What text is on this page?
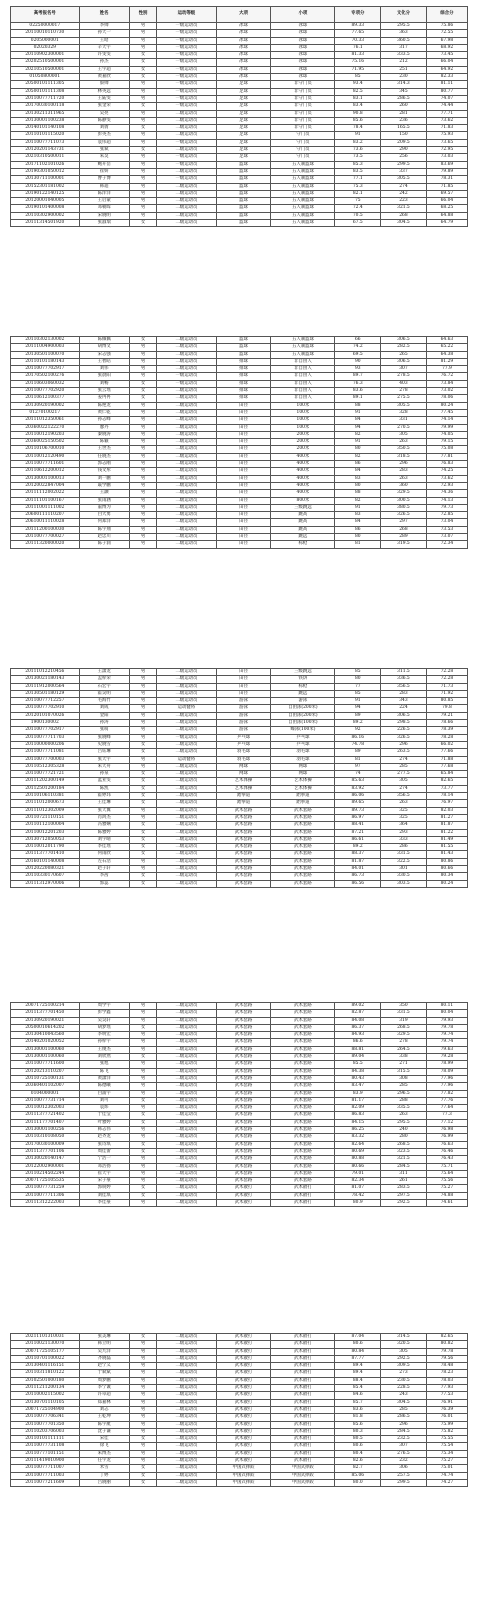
高考报名号	姓名	性别	运动等级	大项	小项	专项分	文化分	综合分
02250000017	李帅	男	一级运动员	冰球	冰球	89.33	295.5	75.86
20110010110730	孙天一	男	一级运动员	冰球	冰球	77.65	363	72.55
0205000001	王昭	男	一级运动员	冰球	冰球	70.33	360.5	67.98
02020329	辛天宇	男	一级运动员	冰球	冰球	76.1	317	68.92
20110902300001	许雯雯	女	一级运动员	冰球	冰球	81.33	333.5	73.45
20202510500001	孙杰	女	一级运动员	冰球	冰球	75.16	212	66.04
20210510500001	王宇超	女	一级运动员	冰球	冰球	71.95	251	64.92
01050800001	黄嘉欣	女	一级运动员	冰球	冰球	85	230	82.33
20500101111305	蔡帅	男	一级运动员	足球	非守门员	93.4	314.3	81.11
20500101111308	林英远	男	一级运动员	足球	非守门员	82.5	345	80.77
20110077711720	王陆雯	男	一级运动员	足球	非守门员	83.1	286.5	74.07
20170030100118	张金荣	女	一级运动员	足球	非守门员	83.4	260	74.44
20130211311965	吴亮	男	二级运动员	足球	非守门员	90.8	281	77.71
20130001100238	陈静雯	男	二级运动员	足球	非守门员	85.6	236	73.62
20140101140108	刘倩	女	二级运动员	足球	非守门员	78.4	165.5	71.83
20110101115020	彭英杰	男	二级运动员	足球	守门员	91	150	75.93
20110077711073	袁伟超	男	一级运动员	足球	守门员	83.2	209.5	73.65
20120201143731	张斌	女	二级运动员	足球	守门员	73.6	290	72.95
20210310500011	朱昊	男	一级运动员	足球	守门员	73.5	256	73.03
20171102101026	鲍开岳	男	一级运动员	篮球	五人制篮球	85.3	299.5	83.69
20190301050012	崔妍	男	二级运动员	篮球	五人制篮球	83.5	337	79.89
20130711100001	曹子博	男	一级运动员	篮球	五人制篮球	77.1	305.5	78.31
20152301181002	韩超	男	二级运动员	篮球	五人制篮球	75.3	274	71.85
20190122140125	陈洋洋	男	二级运动员	篮球	五人制篮球	82.1	242	69.57
20120001040005	王启蒙	男	二级运动员	篮球	五人制篮球	75	223	66.04
20190101400008	邓朝晖	男	二级运动员	篮球	五人制篮球	72.4	321.5	68.25
20110302900002	宋晓明	男	二级运动员	篮球	五人制篮球	70.5	268	64.88
20111314501920	张淑瑞	女	二级运动员	篮球	五人制篮球	67.5	304.5	64.79
20110302130002	陈佩佩	女	二级运动员	篮球	五人制篮球	66	306.5	64.63
20111004900003	胡博文	男	二级运动员	篮球	五人制篮球	74.2	282.5	65.22
20130501100070	宋志强	男	二级运动员	篮球	五人制篮球	69.5	265	64.38
20110101180143	王智皓	男	二级运动员	排球	非自由人	90	306.5	81.29
20110077702917	刘伟	男	二级运动员	排球	非自由人	93	307	77.9
20170502100276	张晨阳	男	一级运动员	排球	非自由人	89.7	278.5	76.72
20110603060032	刘畅	女	一级运动员	排球	非自由人	76.3	403	73.84
20110077702920	张云瑶	女	二级运动员	排球	非自由人	83.6	278	73.02
20110612100377	姜冉冉	女	二级运动员	排球	非自由人	89.1	275.5	78.06
20130920190002	陈艳龙	男	二级运动员	田径	100米	88	305.5	80.24
01270100217	黄仁乾	男	二级运动员	田径	100米	91	328	77.45
20111012350061	孙志峰	男	二级运动员	田径	100米	84	331	74.14
20360022122270	廖丹	男	二级运动员	田径	100米	94	270.5	79.99
20110012190203	秦晓涛	男	二级运动员	田径	200米	82	305	74.05
20360025150502	陈颖	男	二级运动员	田径	200米	91	263	79.15
20110106700010	王世杰	男	二级运动员	田径	200米	80	350.5	75.08
20110012120490	任晓杰	男	二级运动员	田径	400米	82	318.5	77.81
20110077711601	郭志刚	男	二级运动员	田径	400米	86	296	76.83
20110612200012	钱文彤	男	二级运动员	田径	400米	84	283	74.25
20130001100013	刘一鹏	男	二级运动员	田径	400米	83	263	73.62
20120022847004	戚学鹏	男	二级运动员	田径	400米	80	360	72.93
20111112002022	王灏	男	二级运动员	田径	400米	88	329.5	74.36
20111101100167	张雨涵	男	二级运动员	田径	800米	82	300.5	74.13
20111001111002	董博为	男	二级运动员	田径	三级跳远	91	380.5	79.73
20600111110207	白大勇	男	二级运动员	田径	跳高	83	326.5	72.85
20610011110028	何郑洋	男	二级运动员	田径	跳高	84	297	73.04
20111200100030	陈宇翔	男	二级运动员	田径	跳高	86	268	73.53
20110077700027	赵忠川	男	二级运动员	田径	跳远	80	289	73.07
20111320000020	陈子润	男	二级运动员	田径	标枪	81	319.5	72.34
20111012210456	王潇龙	男	二级运动员	田径	三级跳远	85	311.5	72.28
20130021180143	孟梓荣	男	二级运动员	田径	铁饼	80	336.5	72.28
20111912000564	石宏宇	男	二级运动员	田径	标枪	77	356.5	71.73
20130501180129	霍吴明	男	二级运动员	田径	跳远	85	283	71.92
20110077712257	毛海竹	男	二级运动员	游泳	游泳	91	343	80.85
20110077702910	刘成	男	运动健将	游泳	自由泳(200米)	94	224	79.8
20120101070026	金阳	男	二级运动员	游泳	自由泳(200米)	89	306.5	79.21
1900130002	孙涛	男	二级运动员	游泳	自由泳(100米)	89.2	298.5	78.66
20110077702917	张萌	男	二级运动员	游泳	蝶泳(100米)	92	226.5	78.39
20110077711703	张晓峰	男	一级运动员	乒乓球	乒乓球	86.16	326.5	78.28
20110000000206	史晓雪	女	二级运动员	乒乓球	乒乓球	74.78	296	66.02
20110077711081	吕钰琳	女	二级运动员	羽毛球	羽毛球	89	263.5	77.66
20110077700003	张天宇	男	运动健将	羽毛球	羽毛球	81	274	71.88
20110512305328	朱天舟	男	二级运动员	网球	网球	97	285	77.68
20110077721721	孙泉	女	二级运动员	网球	网球	74	277.5	65.84
20111202300149	蓝亚雯	女	二级运动员	艺术体操	艺术体操	85.63	305	82.65
20112501200184	陈凯	女	二级运动员	艺术体操	艺术体操	83.92	274	73.77
20110106110381	霍婷玮	女	二级运动员	跆拳道	跆拳道	86.06	356.5	78.14
20111012000673	王佳琳	女	二级运动员	跆拳道	跆拳道	89.65	263	76.97
20111012302009	张天翼	男	二级运动员	武术套路	武术套路	89.73	325	82.03
20110721110151	肖鸿杰	男	二级运动员	武术套路	武术套路	86.97	325	81.27
20110112100004	冯雅娴	女	二级运动员	武术套路	武术套路	88.41	364	81.87
20110012201203	陈雅婷	女	二级运动员	武术套路	武术套路	87.21	293	81.22
20130712050053	刘宇晴	女	二级运动员	武术套路	武术套路	86.61	333	81.49
20110012011790	李佳瑶	女	二级运动员	武术套路	武术套路	89.2	286	81.55
20111377701410	何雨欣	女	二级运动员	武术套路	武术套路	88.37	331.5	81.43
20160101140008	左石浩	男	二级运动员	武术套路	武术套路	81.87	322.5	80.86
20120220080321	赵子轩	男	二级运动员	武术套路	武术套路	84.01	301	80.66
20110330170607	李茜	女	二级运动员	武术套路	武术套路	86.73	330.5	80.34
20111312970006	郭蕊	女	二级运动员	武术套路	武术套路	86.56	303.5	80.24
20071725100214	周学宇	男	二级运动员	武术套路	武术套路	89.02	350	80.11
20111377701450	彭学鑫	男	二级运动员	武术套路	武术套路	82.87	331.5	80.04
20130920190021	吴昊轩	男	二级运动员	武术套路	武术套路	84.08	319	79.93
20500010614202	胡梦瑶	女	二级运动员	武术套路	武术套路	86.37	268.5	79.78
20130410043560	李明宏	男	二级运动员	武术套路	武术套路	84.93	329.5	79.74
20140201020052	孙梓宇	男	二级运动员	武术套路	武术套路	86.6	278	79.74
20130001100060	王俊杰	男	二级运动员	武术套路	武术套路	88.81	264.5	79.63
20130001100060	刘欣然	女	二级运动员	武术套路	武术套路	89.04	338	79.28
20110077711600	张旭	男	二级运动员	武术套路	武术套路	85.5	271	78.99
20120213110207	陈飞	男	二级运动员	武术套路	武术套路	84.38	315.5	78.09
20110725100131	黄潇洋	男	二级运动员	武术套路	武术套路	80.43	308	77.96
20360401102007	陈德曦	男	二级运动员	武术套路	武术套路	83.47	285	77.96
0104000001	白浦宇	男	二级运动员	武术套路	武术套路	83.9	296.5	77.82
20110077731714	刘可	女	二级运动员	武术套路	武术套路	81.17	288	77.76
20110012302003	袁炜	男	二级运动员	武术套路	武术套路	82.09	335.5	77.64
20111377721402	于佳莹	女	二级运动员	武术套路	武术套路	86.83	263	77.3
20111177701407	叶雅婷	女	二级运动员	武术套路	武术套路	84.15	295.5	77.12
20130001100256	韩志伟	男	二级运动员	武术套路	武术套路	86.25	240	76.98
20110310108050	赵齐龙	男	二级运动员	武术套路	武术套路	83.32	280	76.99
20170030100009	张诗琪	女	二级运动员	武术套路	武术套路	82.64	268.5	76.63
20111377701106	周佳蕾	女	二级运动员	武术套路	武术套路	80.69	323.5	76.46
20130020140147	宁浩一	男	二级运动员	武术套路	武术套路	80.88	321.5	76.43
20122002900001	邓浩扬	男	二级运动员	武术套路	武术套路	80.66	284.5	75.71
20110214502244	崔天宇	男	二级运动员	武术套路	武术套路	79.01	311	75.64
20071725105535	宋子豪	男	二级运动员	武术套路	武术套路	82.34	261	75.56
20110077731259	郭锐婷	女	二级运动员	武术散打	武术散打	81.07	283.5	75.27
20110077711306	刘佳琪	女	二级运动员	武术散打	武术散打	78.42	297.5	74.88
20111312222003	李佳豪	男	二级运动员	武术散打	武术散打	80.9	292.5	74.61
20211101310031	张美琳	女	二级运动员	武术散打	武术散打	87.04	314.5	82.65
20110021130070	韩立明	男	二级运动员	武术散打	武术散打	80.6	320.5	80.82
20071725105177	吴九洋	男	二级运动员	武术散打	武术散打	80.84	305	79.78
20110701100022	齐晓磊	男	二级运动员	武术散打	武术散打	87.77	292.5	79.56
20130401116151	赵宁义	男	二级运动员	武术散打	武术散打	89.4	309.5	78.48
20110311810122	于斌斌	男	二级运动员	武术散打	武术散打	89.4	273	78.23
20102501000180	周梦鹏	男	二级运动员	武术散打	武术散打	88.4	230.5	78.03
20111211200134	李宁诚	男	二级运动员	武术散打	武术散打	85.4	228.5	77.93
20110002115002	许卓超	男	二级运动员	武术散打	武术散打	84.6	243	77.53
20130701110105	郑嘉林	男	二级运动员	武术散打	武术散打	85.7	304.5	76.91
20071725104900	刘志	男	二级运动员	武术散打	武术散打	83.6	285	76.39
20110077706341	王乾坤	男	二级运动员	武术散打	武术散打	81.8	286.5	76.01
20110077701350	陈宇航	男	二级运动员	武术散打	武术散打	85.6	296	75.99
20110203706003	沈子谦	男	二级运动员	武术散打	武术散打	80.3	284.5	75.82
20110101111111	宋佳	女	二级运动员	武术散打	武术散打	80.5	232.5	75.55
20110077731108	徐飞	男	二级运动员	武术散打	武术散打	80.6	307	75.54
20110777101151	朱博杰	男	二级运动员	武术散打	武术散打	80.4	276.5	75.34
20111419010900	任宇龙	男	二级运动员	武术散打	武术散打	82.6	232	75.27
20110077711007	米雪	女	二级运动员	中国式摔跤	中国式摔跤	82.7	306	75.01
20110077711003	丁婷	女	二级运动员	中国式摔跤	中国式摔跤	85.06	257.5	74.74
20110077211609	吕晓丽	女	二级运动员	中国式摔跤	中国式摔跤	80.0	299.5	74.27
